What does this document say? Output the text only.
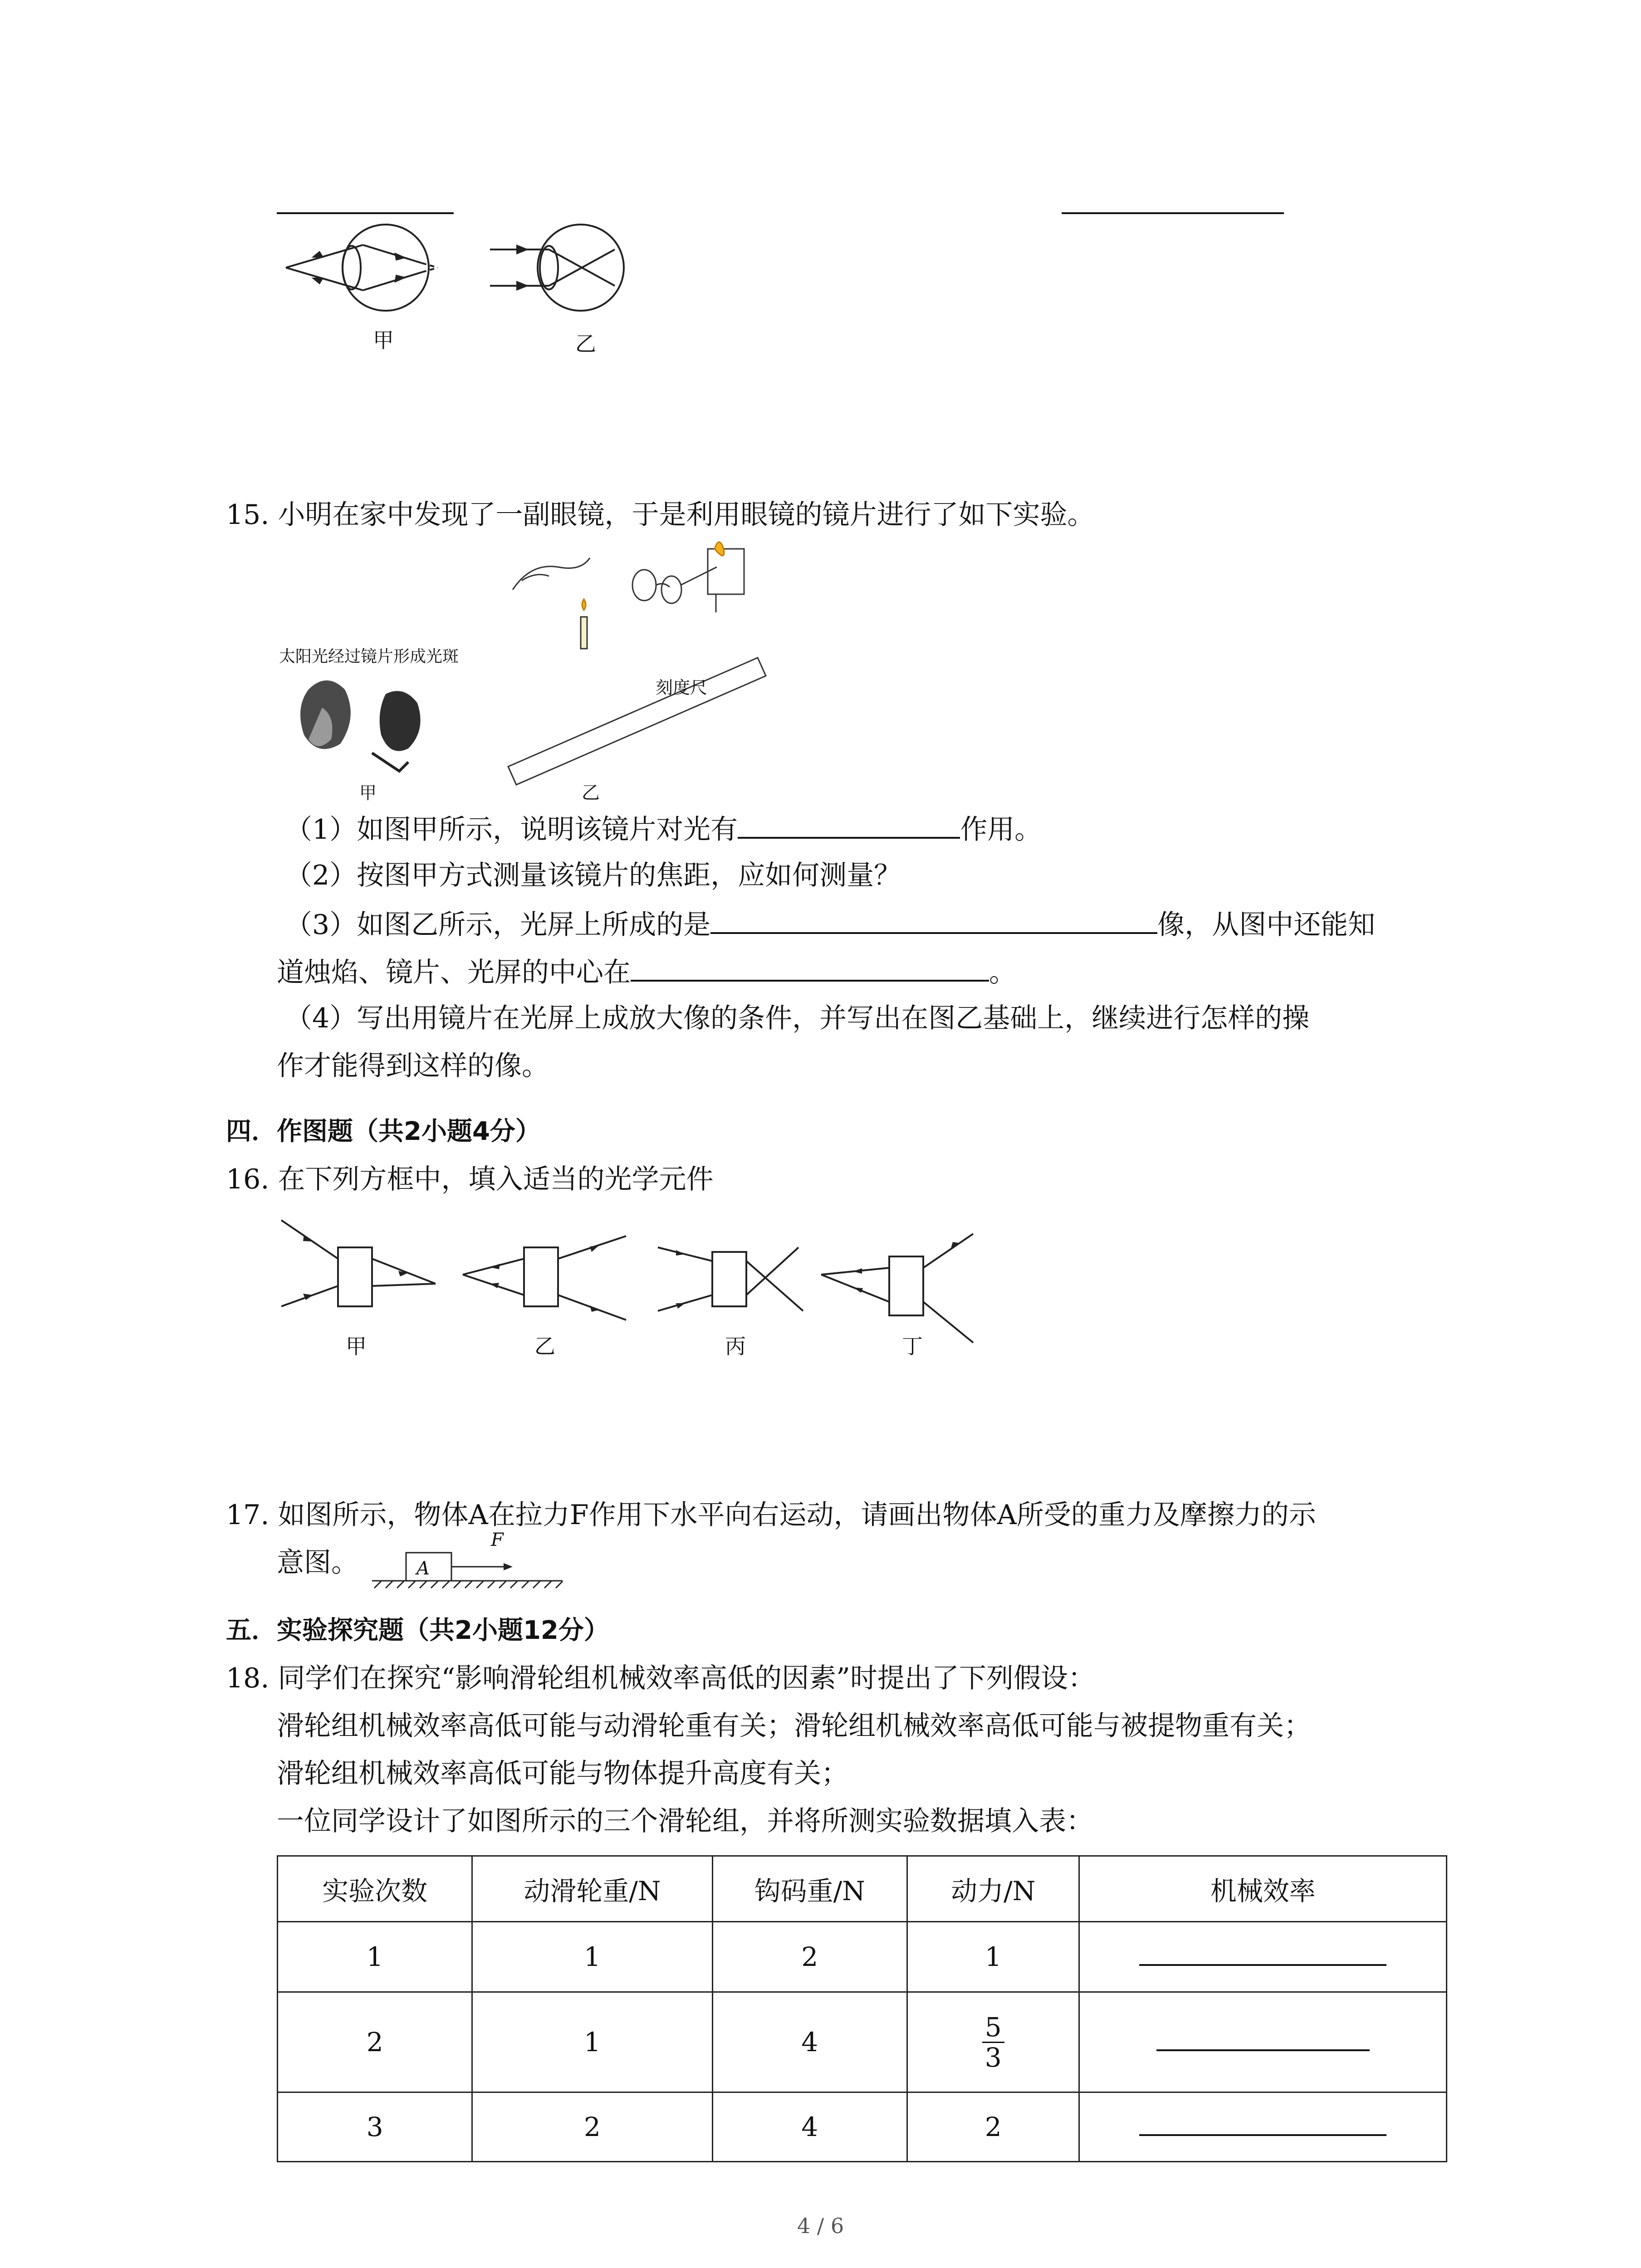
甲	乙
15. 小明在家中发现了一副眼镜，于是利用眼镜的镜片进行了如下实验。
太阳光经过镜片形成光斑
刻度尺
甲	乙
（1）如图甲所示，说明该镜片对光有	作用。
（2）按图甲方式测量该镜片的焦距，应如何测量？
（3）如图乙所示，光屏上所成的是	像，从图中还能知
道烛焰、镜片、光屏的中心在	。
（4）写出用镜片在光屏上成放大像的条件，并写出在图乙基础上，继续进行怎样的操
作才能得到这样的像。
四．作图题（共2小题4分）
16. 在下列方框中，填入适当的光学元件
甲	乙	丙	丁
17. 如图所示，物体A在拉力F作用下水平向右运动，请画出物体A所受的重力及摩擦力的示
意图。	A
F
五．实验探究题（共2小题12分）
18. 同学们在探究“影响滑轮组机械效率高低的因素”时提出了下列假设：
滑轮组机械效率高低可能与动滑轮重有关；滑轮组机械效率高低可能与被提物重有关；
滑轮组机械效率高低可能与物体提升高度有关；
一位同学设计了如图所示的三个滑轮组，并将所测实验数据填入表：
实验次数	动滑轮重/N	钩码重/N	动力/N	机械效率
1	1	2	1	
2	1	4	$\frac{5}{3}$

3	2	4	2	
4 / 6
